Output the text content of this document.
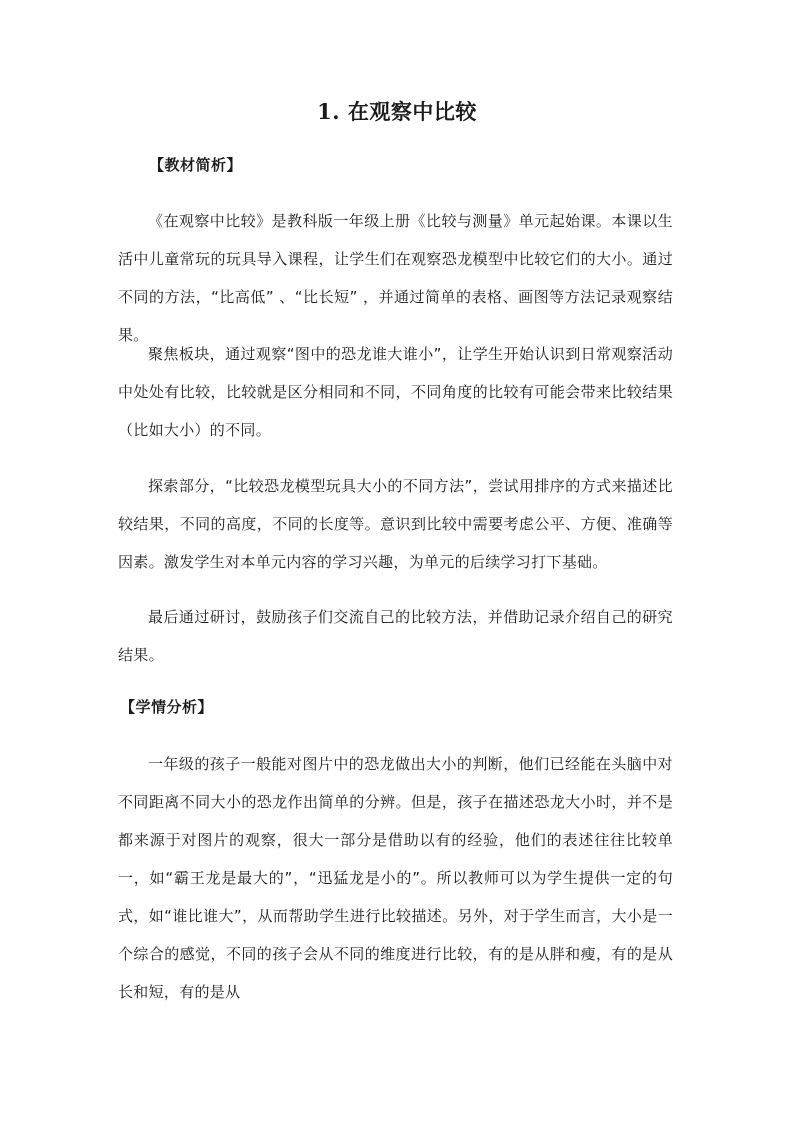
1. 在观察中比较
【教材简析】

《在观察中比较》是教科版一年级上册《比较与测量》单元起始课。本课以生活中儿童常玩的玩具导入课程，让学生们在观察恐龙模型中比较它们的大小。通过不同的方法，“比高低” 、“比长短” ，并通过简单的表格、画图等方法记录观察结果。

聚焦板块，通过观察“图中的恐龙谁大谁小”，让学生开始认识到日常观察活动中处处有比较，比较就是区分相同和不同，不同角度的比较有可能会带来比较结果（比如大小）的不同。

探索部分，“比较恐龙模型玩具大小的不同方法”，尝试用排序的方式来描述比较结果，不同的高度，不同的长度等。意识到比较中需要考虑公平、方便、准确等因素。激发学生对本单元内容的学习兴趣，为单元的后续学习打下基础。

最后通过研讨，鼓励孩子们交流自己的比较方法，并借助记录介绍自己的研究结果。

【学情分析】

一年级的孩子一般能对图片中的恐龙做出大小的判断，他们已经能在头脑中对不同距离不同大小的恐龙作出简单的分辨。但是，孩子在描述恐龙大小时，并不是都来源于对图片的观察，很大一部分是借助以有的经验，他们的表述往往比较单一，如“霸王龙是最大的”，“迅猛龙是小的”。所以教师可以为学生提供一定的句式，如“谁比谁大”，从而帮助学生进行比较描述。另外，对于学生而言，大小是一个综合的感觉，不同的孩子会从不同的维度进行比较，有的是从胖和瘦，有的是从长和短，有的是从
